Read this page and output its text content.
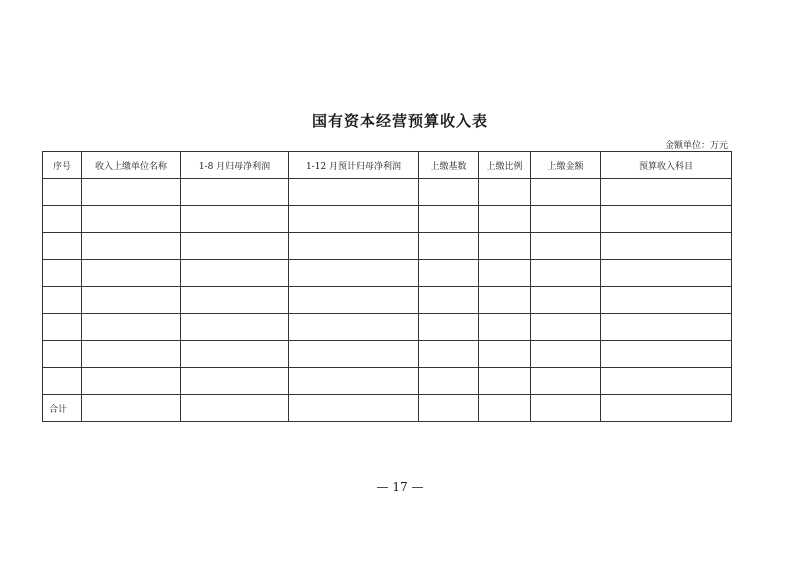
国有资本经营预算收入表
金额单位：万元
序号	收入上缴单位名称	1-8 月归母净利润	1-12 月预计归母净利润	上缴基数	上缴比例	上缴金额	预算收入科目

合计							
— 17 —
